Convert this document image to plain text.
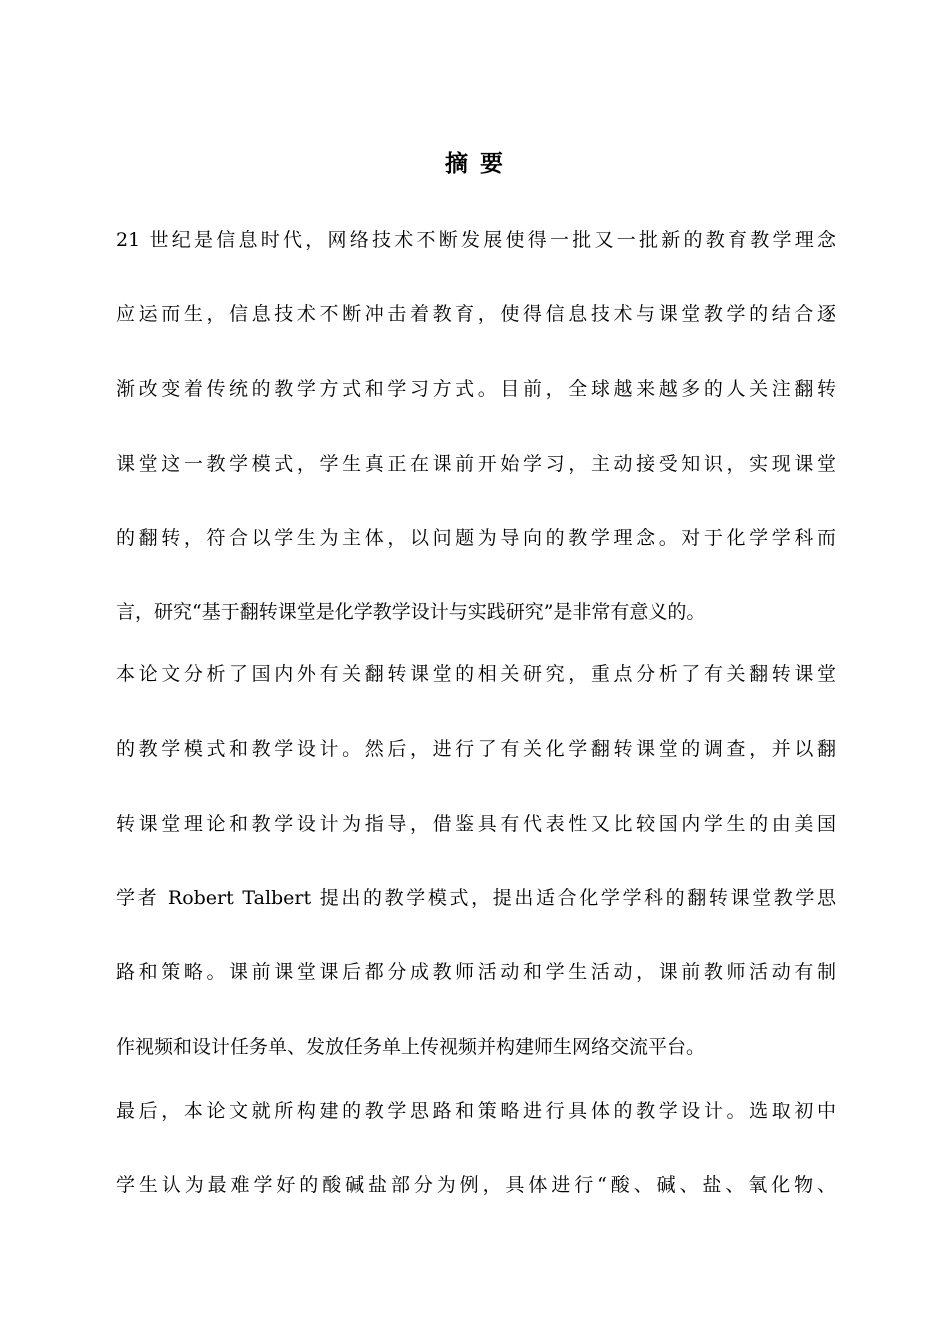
摘 要
21 世纪是信息时代，网络技术不断发展使得一批又一批新的教育教学理念
应运而生，信息技术不断冲击着教育，使得信息技术与课堂教学的结合逐
渐改变着传统的教学方式和学习方式。目前，全球越来越多的人关注翻转
课堂这一教学模式，学生真正在课前开始学习，主动接受知识，实现课堂
的翻转，符合以学生为主体，以问题为导向的教学理念。对于化学学科而
言，研究“基于翻转课堂是化学教学设计与实践研究”是非常有意义的。
本论文分析了国内外有关翻转课堂的相关研究，重点分析了有关翻转课堂
的教学模式和教学设计。然后，进行了有关化学翻转课堂的调查，并以翻
转课堂理论和教学设计为指导，借鉴具有代表性又比较国内学生的由美国
学者 Robert Talbert 提出的教学模式，提出适合化学学科的翻转课堂教学思
路和策略。课前课堂课后都分成教师活动和学生活动，课前教师活动有制
作视频和设计任务单、发放任务单上传视频并构建师生网络交流平台。
最后，本论文就所构建的教学思路和策略进行具体的教学设计。选取初中
学生认为最难学好的酸碱盐部分为例，具体进行“酸、碱、盐、氧化物、
